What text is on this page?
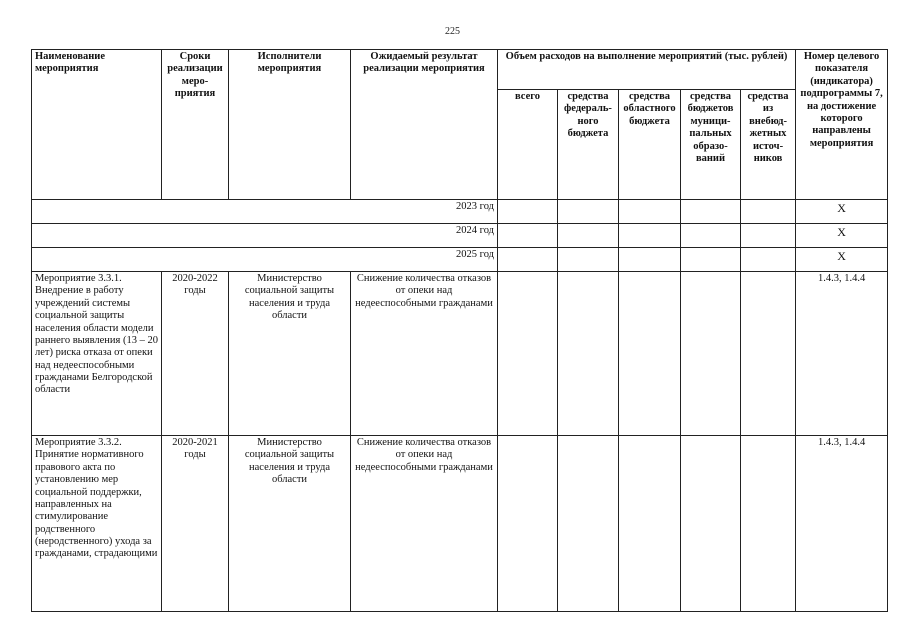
225
Наименование мероприятия	Сроки реализации меро-приятия	Исполнители мероприятия	Ожидаемый результат реализации мероприятия	Объем расходов на выполнение мероприятий (тыс. рублей)					Номер целевого показателя (индикатора) подпрограммы 7, на достижение которого направлены мероприятия
				всего	средства федераль-ного бюджета	средства областного бюджета	средства бюджетов муници-пальных образо-ваний	средства из внебюд-жетных источ-ников	
2023 год									Х
2024 год									Х
2025 год									Х
Мероприятие 3.3.1. Внедрение в работу учреждений системы социальной защиты населения области модели раннего выявления (13 – 20 лет) риска отказа от опеки над недееспособными гражданами Белгородской области	2020-2022 годы	Министерство социальной защиты населения и труда области	Снижение количества отказов от опеки над недееспособными гражданами						1.4.3, 1.4.4
Мероприятие 3.3.2. Принятие нормативного правового акта по установлению мер социальной поддержки, направленных на стимулирование родственного (неродственного) ухода за гражданами, страдающими	2020-2021 годы	Министерство социальной защиты населения и труда области	Снижение количества отказов от опеки над недееспособными гражданами						1.4.3, 1.4.4
